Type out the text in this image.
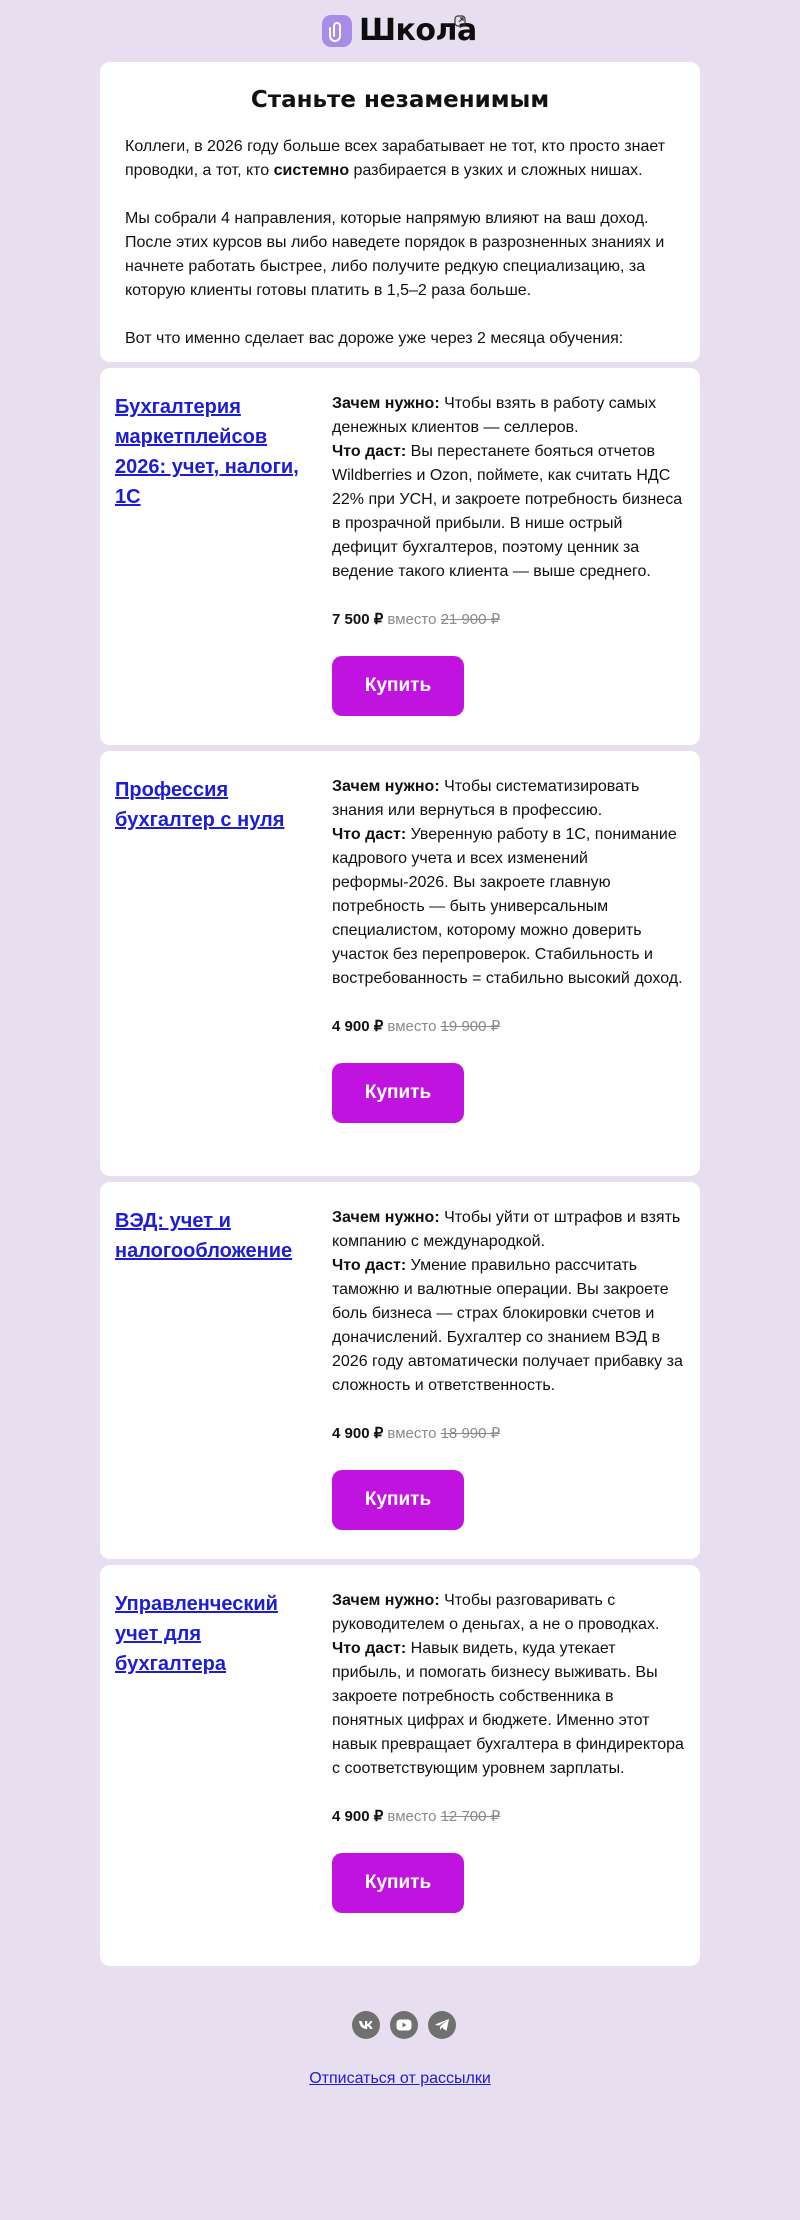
Школа
Станьте незаменимым

Коллеги, в 2026 году больше всех зарабатывает не тот, кто просто знает проводки, а тот, кто системно разбирается в узких и сложных нишах.

Мы собрали 4 направления, которые напрямую влияют на ваш доход. После этих курсов вы либо наведете порядок в разрозненных знаниях и начнете работать быстрее, либо получите редкую специализацию, за которую клиенты готовы платить в 1,5–2 раза больше.

Вот что именно сделает вас дороже уже через 2 месяца обучения:

Бухгалтерия маркетплейсов 2026: учет, налоги, 1С

Зачем нужно: Чтобы взять в работу самых денежных клиентов — селлеров.

Что даст: Вы перестанете бояться отчетов Wildberries и Ozon, поймете, как считать НДС 22% при УСН, и закроете потребность бизнеса в прозрачной прибыли. В нише острый дефицит бухгалтеров, поэтому ценник за ведение такого клиента — выше среднего.

7 500 ₽ вместо 21 900 ₽

Купить
Профессия бухгалтер с нуля

Зачем нужно: Чтобы систематизировать знания или вернуться в профессию.

Что даст: Уверенную работу в 1С, понимание кадрового учета и всех изменений реформы-2026. Вы закроете главную потребность — быть универсальным специалистом, которому можно доверить участок без перепроверок. Стабильность и востребованность = стабильно высокий доход.

4 900 ₽ вместо 19 900 ₽

Купить
ВЭД: учет и налогообложение

Зачем нужно: Чтобы уйти от штрафов и взять компанию с международкой.

Что даст: Умение правильно рассчитать таможню и валютные операции. Вы закроете боль бизнеса — страх блокировки счетов и доначислений. Бухгалтер со знанием ВЭД в 2026 году автоматически получает прибавку за сложность и ответственность.

4 900 ₽ вместо 18 990 ₽

Купить
Управленческий учет для бухгалтера

Зачем нужно: Чтобы разговаривать с руководителем о деньгах, а не о проводках.

Что даст: Навык видеть, куда утекает прибыль, и помогать бизнесу выживать. Вы закроете потребность собственника в понятных цифрах и бюджете. Именно этот навык превращает бухгалтера в финдиректора с соответствующим уровнем зарплаты.

4 900 ₽ вместо 12 700 ₽

Купить
Отписаться от рассылки
